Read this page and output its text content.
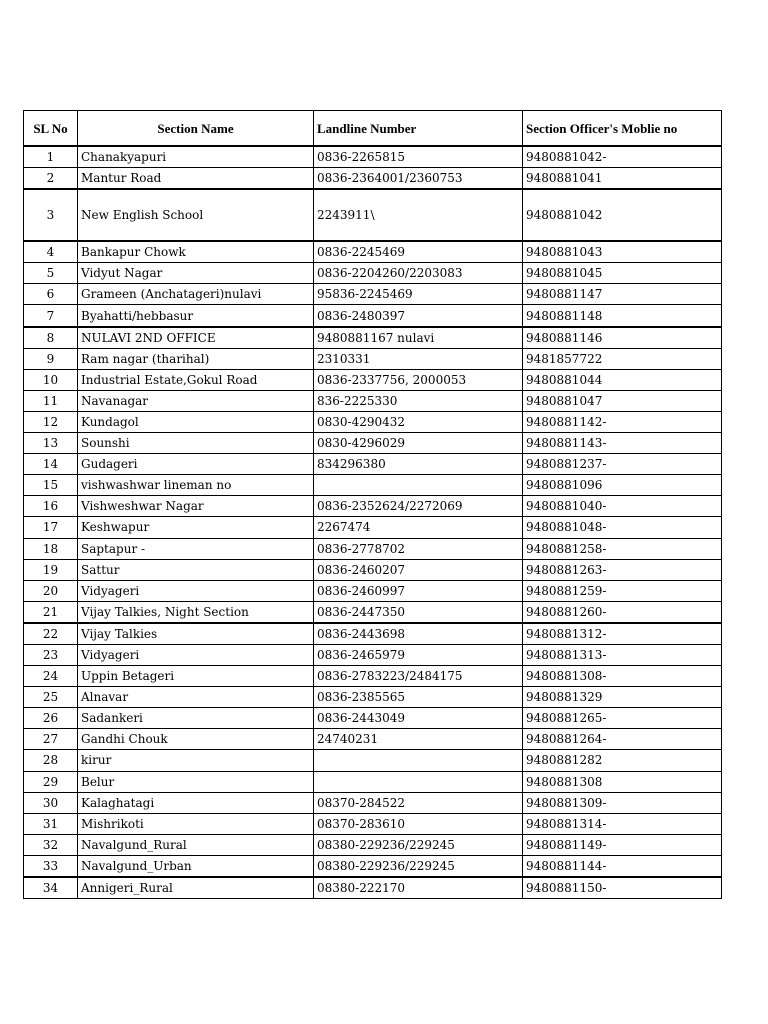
SL No	Section Name	Landline Number	Section Officer's Moblie no
1	Chanakyapuri	0836-2265815	9480881042-
2	Mantur Road	0836-2364001/2360753	9480881041
3	New English School	2243911\	9480881042
4	Bankapur Chowk	0836-2245469	9480881043
5	Vidyut Nagar	0836-2204260/2203083	9480881045
6	Grameen (Anchatageri)nulavi	95836-2245469	9480881147
7	Byahatti/hebbasur	0836-2480397	9480881148
8	NULAVI 2ND OFFICE	9480881167 nulavi	9480881146
9	Ram nagar (tharihal)	2310331	9481857722
10	Industrial Estate,Gokul Road	0836-2337756, 2000053	9480881044
11	Navanagar	836-2225330	9480881047
12	Kundagol	0830-4290432	9480881142-
13	Sounshi	0830-4296029	9480881143-
14	Gudageri	834296380	9480881237-
15	vishwashwar lineman no		9480881096
16	Vishweshwar Nagar	0836-2352624/2272069	9480881040-
17	Keshwapur	2267474	9480881048-
18	Saptapur -	0836-2778702	9480881258-
19	Sattur	0836-2460207	9480881263-
20	Vidyageri	0836-2460997	9480881259-
21	Vijay Talkies, Night Section	0836-2447350	9480881260-
22	Vijay Talkies	0836-2443698	9480881312-
23	Vidyageri	0836-2465979	9480881313-
24	Uppin Betageri	0836-2783223/2484175	9480881308-
25	Alnavar	0836-2385565	9480881329
26	Sadankeri	0836-2443049	9480881265-
27	Gandhi Chouk	24740231	9480881264-
28	kirur		9480881282
29	Belur		9480881308
30	Kalaghatagi	08370-284522	9480881309-
31	Mishrikoti	08370-283610	9480881314-
32	Navalgund_Rural	08380-229236/229245	9480881149-
33	Navalgund_Urban	08380-229236/229245	9480881144-
34	Annigeri_Rural	08380-222170	9480881150-
